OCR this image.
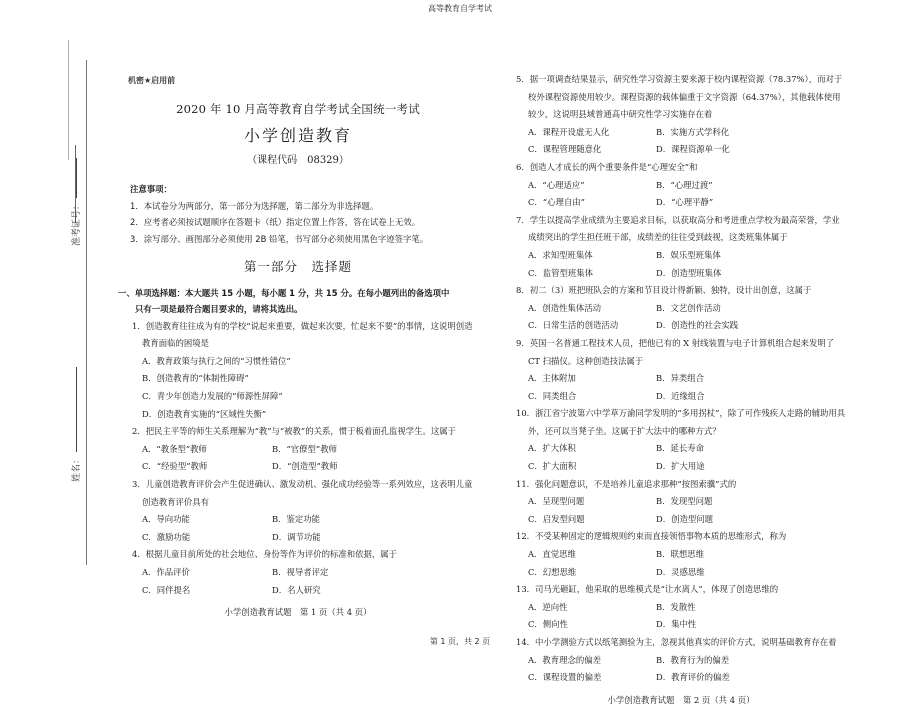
高等教育自学考试
准考证号：
姓名：
机密★启用前
2020 年 10 月高等教育自学考试全国统一考试
小学创造教育
（课程代码　08329）
注意事项：
1．本试卷分为两部分，第一部分为选择题，第二部分为非选择题。
2．应考者必须按试题顺序在答题卡（纸）指定位置上作答，答在试卷上无效。
3．涂写部分、画图部分必须使用 2B 铅笔，书写部分必须使用黑色字迹签字笔。
第一部分　选择题
一、单项选择题：本大题共 15 小题，每小题 1 分，共 15 分。在每小题列出的备选项中
只有一项是最符合题目要求的，请将其选出。
1．创造教育往往成为有的学校“说起来重要，做起来次要，忙起来不要”的事情，这说明创造教育面临的困境是
A．教育政策与执行之间的“习惯性错位”
B．创造教育的“体制性障碍”
C．青少年创造力发展的“师源性屏障”
D．创造教育实施的“区域性失衡”
2．把民主平等的师生关系理解为“教”与“被教”的关系，惯于板着面孔监视学生。这属于
A．“教条型”教师	B．“官僚型”教师
C．“经验型”教师	D．“创造型”教师
3．儿童创造教育评价会产生促进确认、激发动机、强化成功经验等一系列效应，这表明儿童创造教育评价具有
A．导向功能	B．鉴定功能
C．激励功能	D．调节功能
4．根据儿童目前所处的社会地位、身份等作为评价的标准和依据，属于
A．作品评价	B．视导者评定
C．同伴提名	D．名人研究
小学创造教育试题　第 1 页（共 4 页）
5．据一项调查结果显示，研究性学习资源主要来源于校内课程资源（78.37%），而对于校外课程资源使用较少。课程资源的载体偏重于文字资源（64.37%），其他载体使用较少，这说明县域普通高中研究性学习实施存在着
A．课程开设虚无人化	B．实施方式学科化
C．课程管理随意化	D．课程资源单一化
6．创造人才成长的两个重要条件是“心理安全”和
A．“心理适应”	B．“心理过渡”
C．“心理自由”	D．“心理平静”
7．学生以提高学业成绩为主要追求目标，以获取高分和考进重点学校为最高荣誉，学业成绩突出的学生担任班干部，成绩差的往往受到歧视，这类班集体属于
A．求知型班集体	B．娱乐型班集体
C．监管型班集体	D．创造型班集体
8．初二（3）班把班队会的方案和节目设计得新颖、独特，设计出创意，这属于
A．创造性集体活动	B．文艺创作活动
C．日常生活的创造活动	D．创造性的社会实践
9．英国一名普通工程技术人员，把他已有的 X 射线装置与电子计算机组合起来发明了 CT 扫描仪。这种创造技法属于
A．主体附加	B．异类组合
C．同类组合	D．近缘组合
10．浙江省宁波第六中学草万渝同学发明的“多用拐杖”，除了可作残疾人走路的辅助用具外，还可以当凳子坐。这属于扩大法中的哪种方式？
A．扩大体积	B．延长寿命
C．扩大面积	D．扩大用途
11．强化问题意识，不是培养儿童追求那种“按图索骥”式的
A．呈现型问题	B．发现型问题
C．启发型问题	D．创造型问题
12．不受某种固定的逻辑规则约束而直接领悟事物本质的思维形式，称为
A．直觉思维	B．联想思维
C．幻想思维	D．灵感思维
13．司马光砸缸，他采取的思维模式是“让水离人”，体现了创造思维的
A．逆向性	B．发散性
C．侧向性	D．集中性
14．中小学测验方式以纸笔测验为主，忽视其他真实的评价方式，说明基础教育存在着
A．教育理念的偏差	B．教育行为的偏差
C．课程设置的偏差	D．教育评价的偏差
小学创造教育试题　第 2 页（共 4 页）
第 1 页，共 2 页
